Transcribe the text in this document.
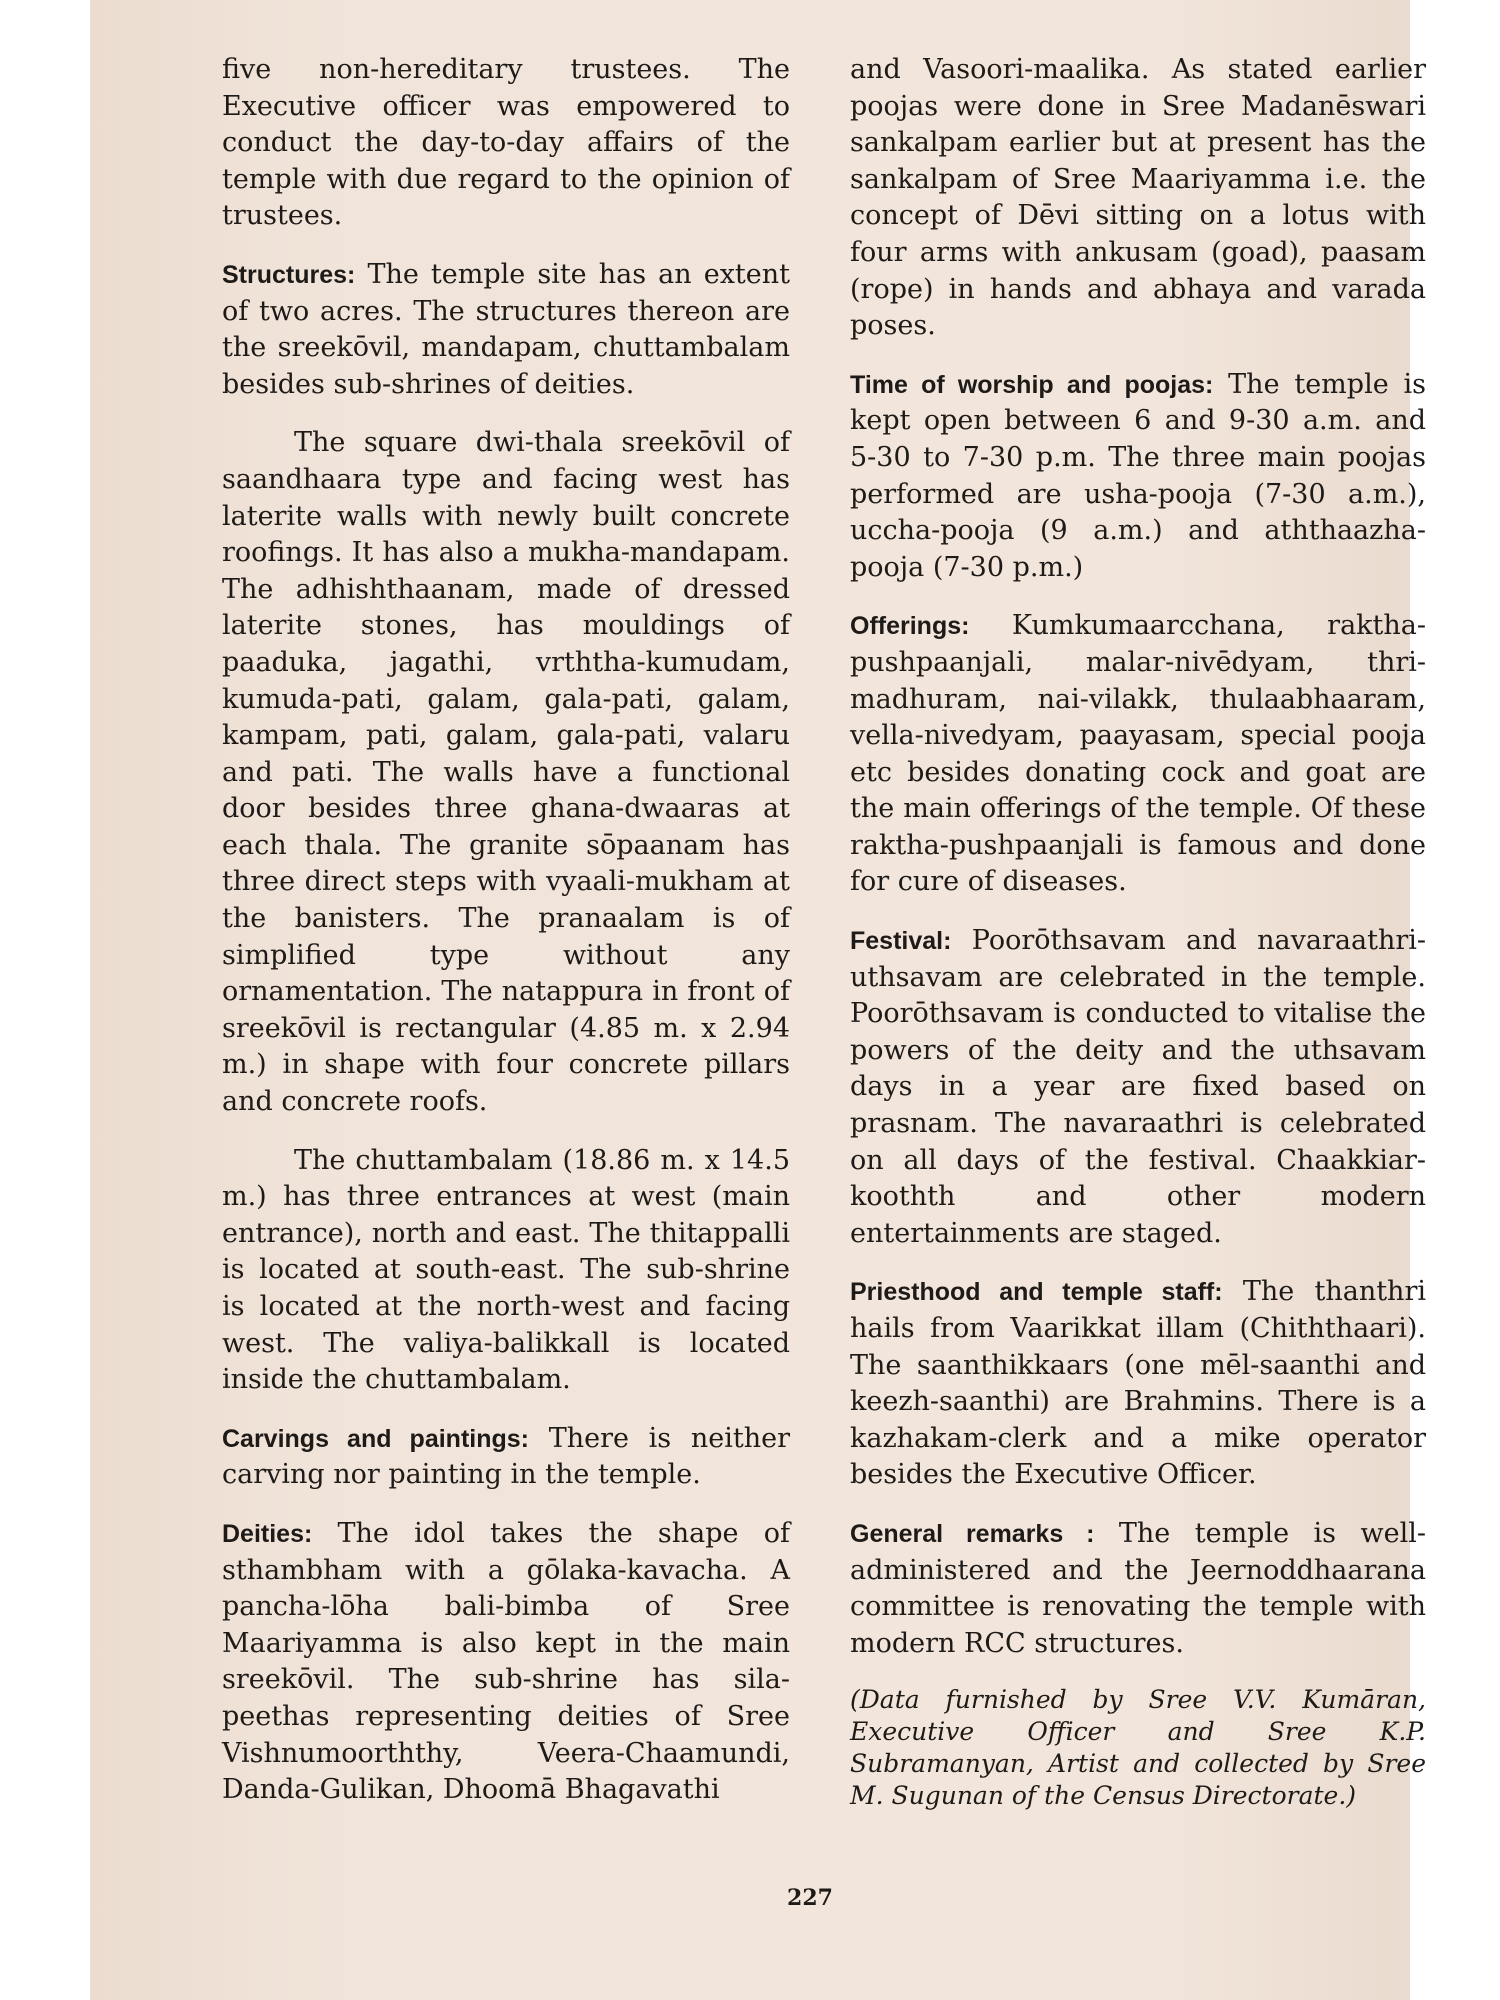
five non-hereditary trustees. The Executive officer was empowered to conduct the day-to-day affairs of the temple with due regard to the opinion of trustees.

Structures: The temple site has an extent of two acres. The structures thereon are the sreekōvil, mandapam, chuttambalam besides sub-shrines of deities.

The square dwi-thala sreekōvil of saandhaara type and facing west has laterite walls with newly built concrete roofings. It has also a mukha-mandapam. The adhishthaanam, made of dressed laterite stones, has mouldings of paaduka, jagathi, vrththa-kumudam, kumuda-pati, galam, gala-pati, galam, kampam, pati, galam, gala-pati, valaru and pati. The walls have a functional door besides three ghana-dwaaras at each thala. The granite sōpaanam has three direct steps with vyaali-mukham at the banisters. The pranaalam is of simplified type without any ornamentation. The natappura in front of sreekōvil is rectangular (4.85 m. x 2.94 m.) in shape with four concrete pillars and concrete roofs.

The chuttambalam (18.86 m. x 14.5 m.) has three entrances at west (main entrance), north and east. The thitappalli is located at south-east. The sub-shrine is located at the north-west and facing west. The valiya-balikkall is located inside the chuttambalam.

Carvings and paintings: There is neither carving nor painting in the temple.

Deities: The idol takes the shape of sthambham with a gōlaka-kavacha. A pancha-lōha bali-bimba of Sree Maariyamma is also kept in the main sreekōvil. The sub-shrine has sila-peethas representing deities of Sree Vishnumoorththy, Veera-Chaamundi, Danda-Gulikan, Dhoomā Bhagavathi

and Vasoori-maalika. As stated earlier poojas were done in Sree Madanēswari sankalpam earlier but at present has the sankalpam of Sree Maariyamma i.e. the concept of Dēvi sitting on a lotus with four arms with ankusam (goad), paasam (rope) in hands and abhaya and varada poses.

Time of worship and poojas: The temple is kept open between 6 and 9-30 a.m. and 5-30 to 7-30 p.m. The three main poojas performed are usha-pooja (7-30 a.m.), uccha-pooja (9 a.m.) and aththaazha-pooja (7-30 p.m.)

Offerings: Kumkumaarcchana, raktha-pushpaanjali, malar-nivēdyam, thri-madhuram, nai-vilakk, thulaabhaaram, vella-nivedyam, paayasam, special pooja etc besides donating cock and goat are the main offerings of the temple. Of these raktha-pushpaanjali is famous and done for cure of diseases.

Festival: Poorōthsavam and navaraathri-uthsavam are celebrated in the temple. Poorōthsavam is conducted to vitalise the powers of the deity and the uthsavam days in a year are fixed based on prasnam. The navaraathri is celebrated on all days of the festival. Chaakkiar-koothth and other modern entertainments are staged.

Priesthood and temple staff: The thanthri hails from Vaarikkat illam (Chiththaari). The saanthikkaars (one mēl-saanthi and keezh-saanthi) are Brahmins. There is a kazhakam-clerk and a mike operator besides the Executive Officer.

General remarks : The temple is well-administered and the Jeernoddhaarana committee is renovating the temple with modern RCC structures.

(Data furnished by Sree V.V. Kumāran, Executive Officer and Sree K.P. Subramanyan, Artist and collected by Sree M. Sugunan of the Census Directorate.)

227
